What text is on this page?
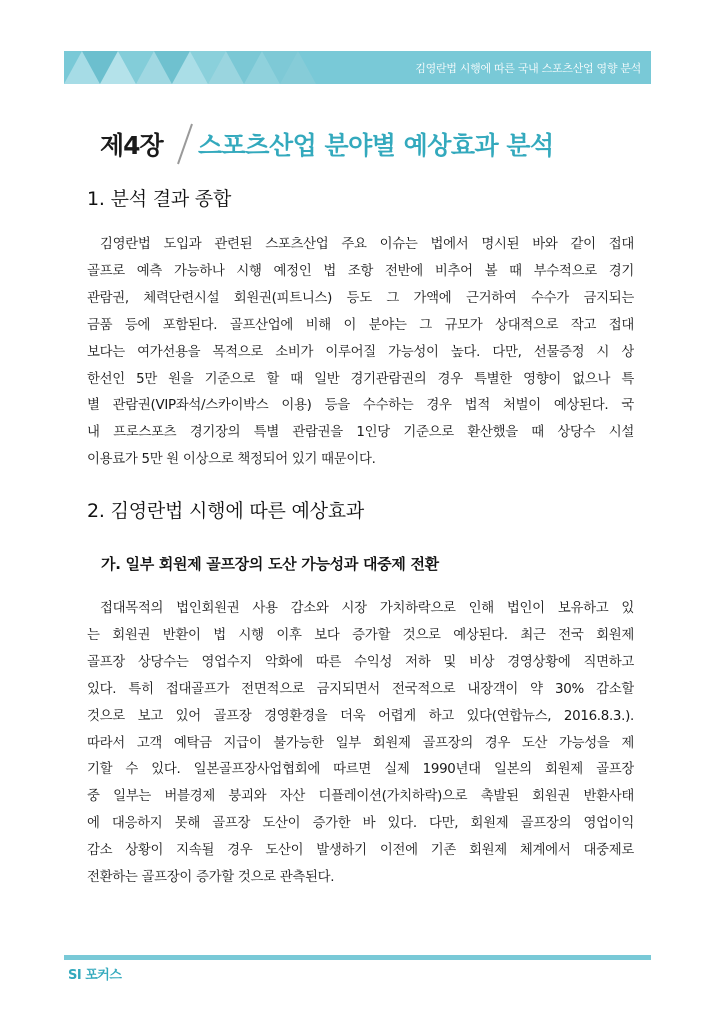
김영란법 시행에 따른 국내 스포츠산업 영향 분석
제4장 스포츠산업 분야별 예상효과 분석
1. 분석 결과 종합
김영란법 도입과 관련된 스포츠산업 주요 이슈는 법에서 명시된 바와 같이 접대
골프로 예측 가능하나 시행 예정인 법 조항 전반에 비추어 볼 때 부수적으로 경기
관람권, 체력단련시설 회원권(피트니스) 등도 그 가액에 근거하여 수수가 금지되는
금품 등에 포함된다. 골프산업에 비해 이 분야는 그 규모가 상대적으로 작고 접대
보다는 여가선용을 목적으로 소비가 이루어질 가능성이 높다. 다만, 선물증정 시 상
한선인 5만 원을 기준으로 할 때 일반 경기관람권의 경우 특별한 영향이 없으나 특
별 관람권(VIP좌석/스카이박스 이용) 등을 수수하는 경우 법적 처벌이 예상된다. 국
내 프로스포츠 경기장의 특별 관람권을 1인당 기준으로 환산했을 때 상당수 시설
이용료가 5만 원 이상으로 책정되어 있기 때문이다.
2. 김영란법 시행에 따른 예상효과
가. 일부 회원제 골프장의 도산 가능성과 대중제 전환
접대목적의 법인회원권 사용 감소와 시장 가치하락으로 인해 법인이 보유하고 있
는 회원권 반환이 법 시행 이후 보다 증가할 것으로 예상된다. 최근 전국 회원제
골프장 상당수는 영업수지 악화에 따른 수익성 저하 및 비상 경영상황에 직면하고
있다. 특히 접대골프가 전면적으로 금지되면서 전국적으로 내장객이 약 30% 감소할
것으로 보고 있어 골프장 경영환경을 더욱 어렵게 하고 있다(연합뉴스, 2016.8.3.).
따라서 고객 예탁금 지급이 불가능한 일부 회원제 골프장의 경우 도산 가능성을 제
기할 수 있다. 일본골프장사업협회에 따르면 실제 1990년대 일본의 회원제 골프장
중 일부는 버블경제 붕괴와 자산 디플레이션(가치하락)으로 촉발된 회원권 반환사태
에 대응하지 못해 골프장 도산이 증가한 바 있다. 다만, 회원제 골프장의 영업이익
감소 상황이 지속될 경우 도산이 발생하기 이전에 기존 회원제 체계에서 대중제로
전환하는 골프장이 증가할 것으로 관측된다.
SI 포커스
